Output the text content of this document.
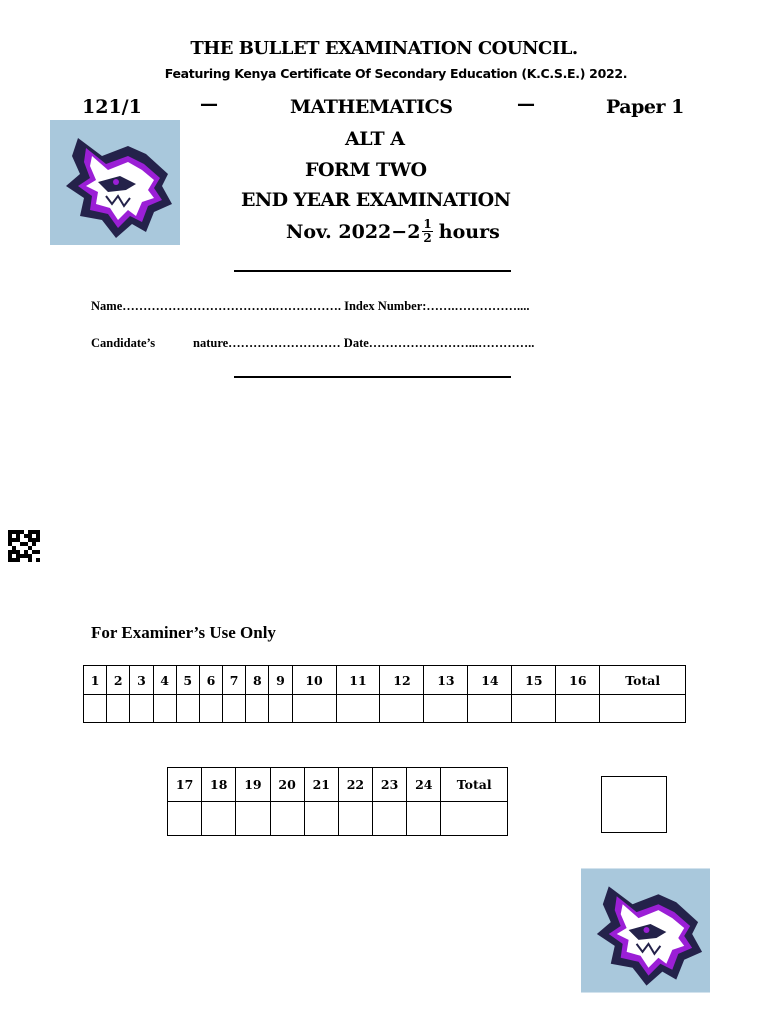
THE BULLET EXAMINATION COUNCIL.
Featuring Kenya Certificate Of Secondary Education (K.C.S.E.) 2022.
121/1	—	MATHEMATICS	—	Paper 1
ALT A
FORM TWO
END YEAR EXAMINATION
Nov. $2022 -2 \frac{1}{2}$ hours
Name……………………………….……………. Index Number:…….……………....
Candidate’s	nature……………………… Date……………………...…………..
For Examiner’s Use Only
1	2	3	4	5	6	7	8	9	10	11	12	13	14	15	16	Total

17	18	19	20	21	22	23	24	Total
